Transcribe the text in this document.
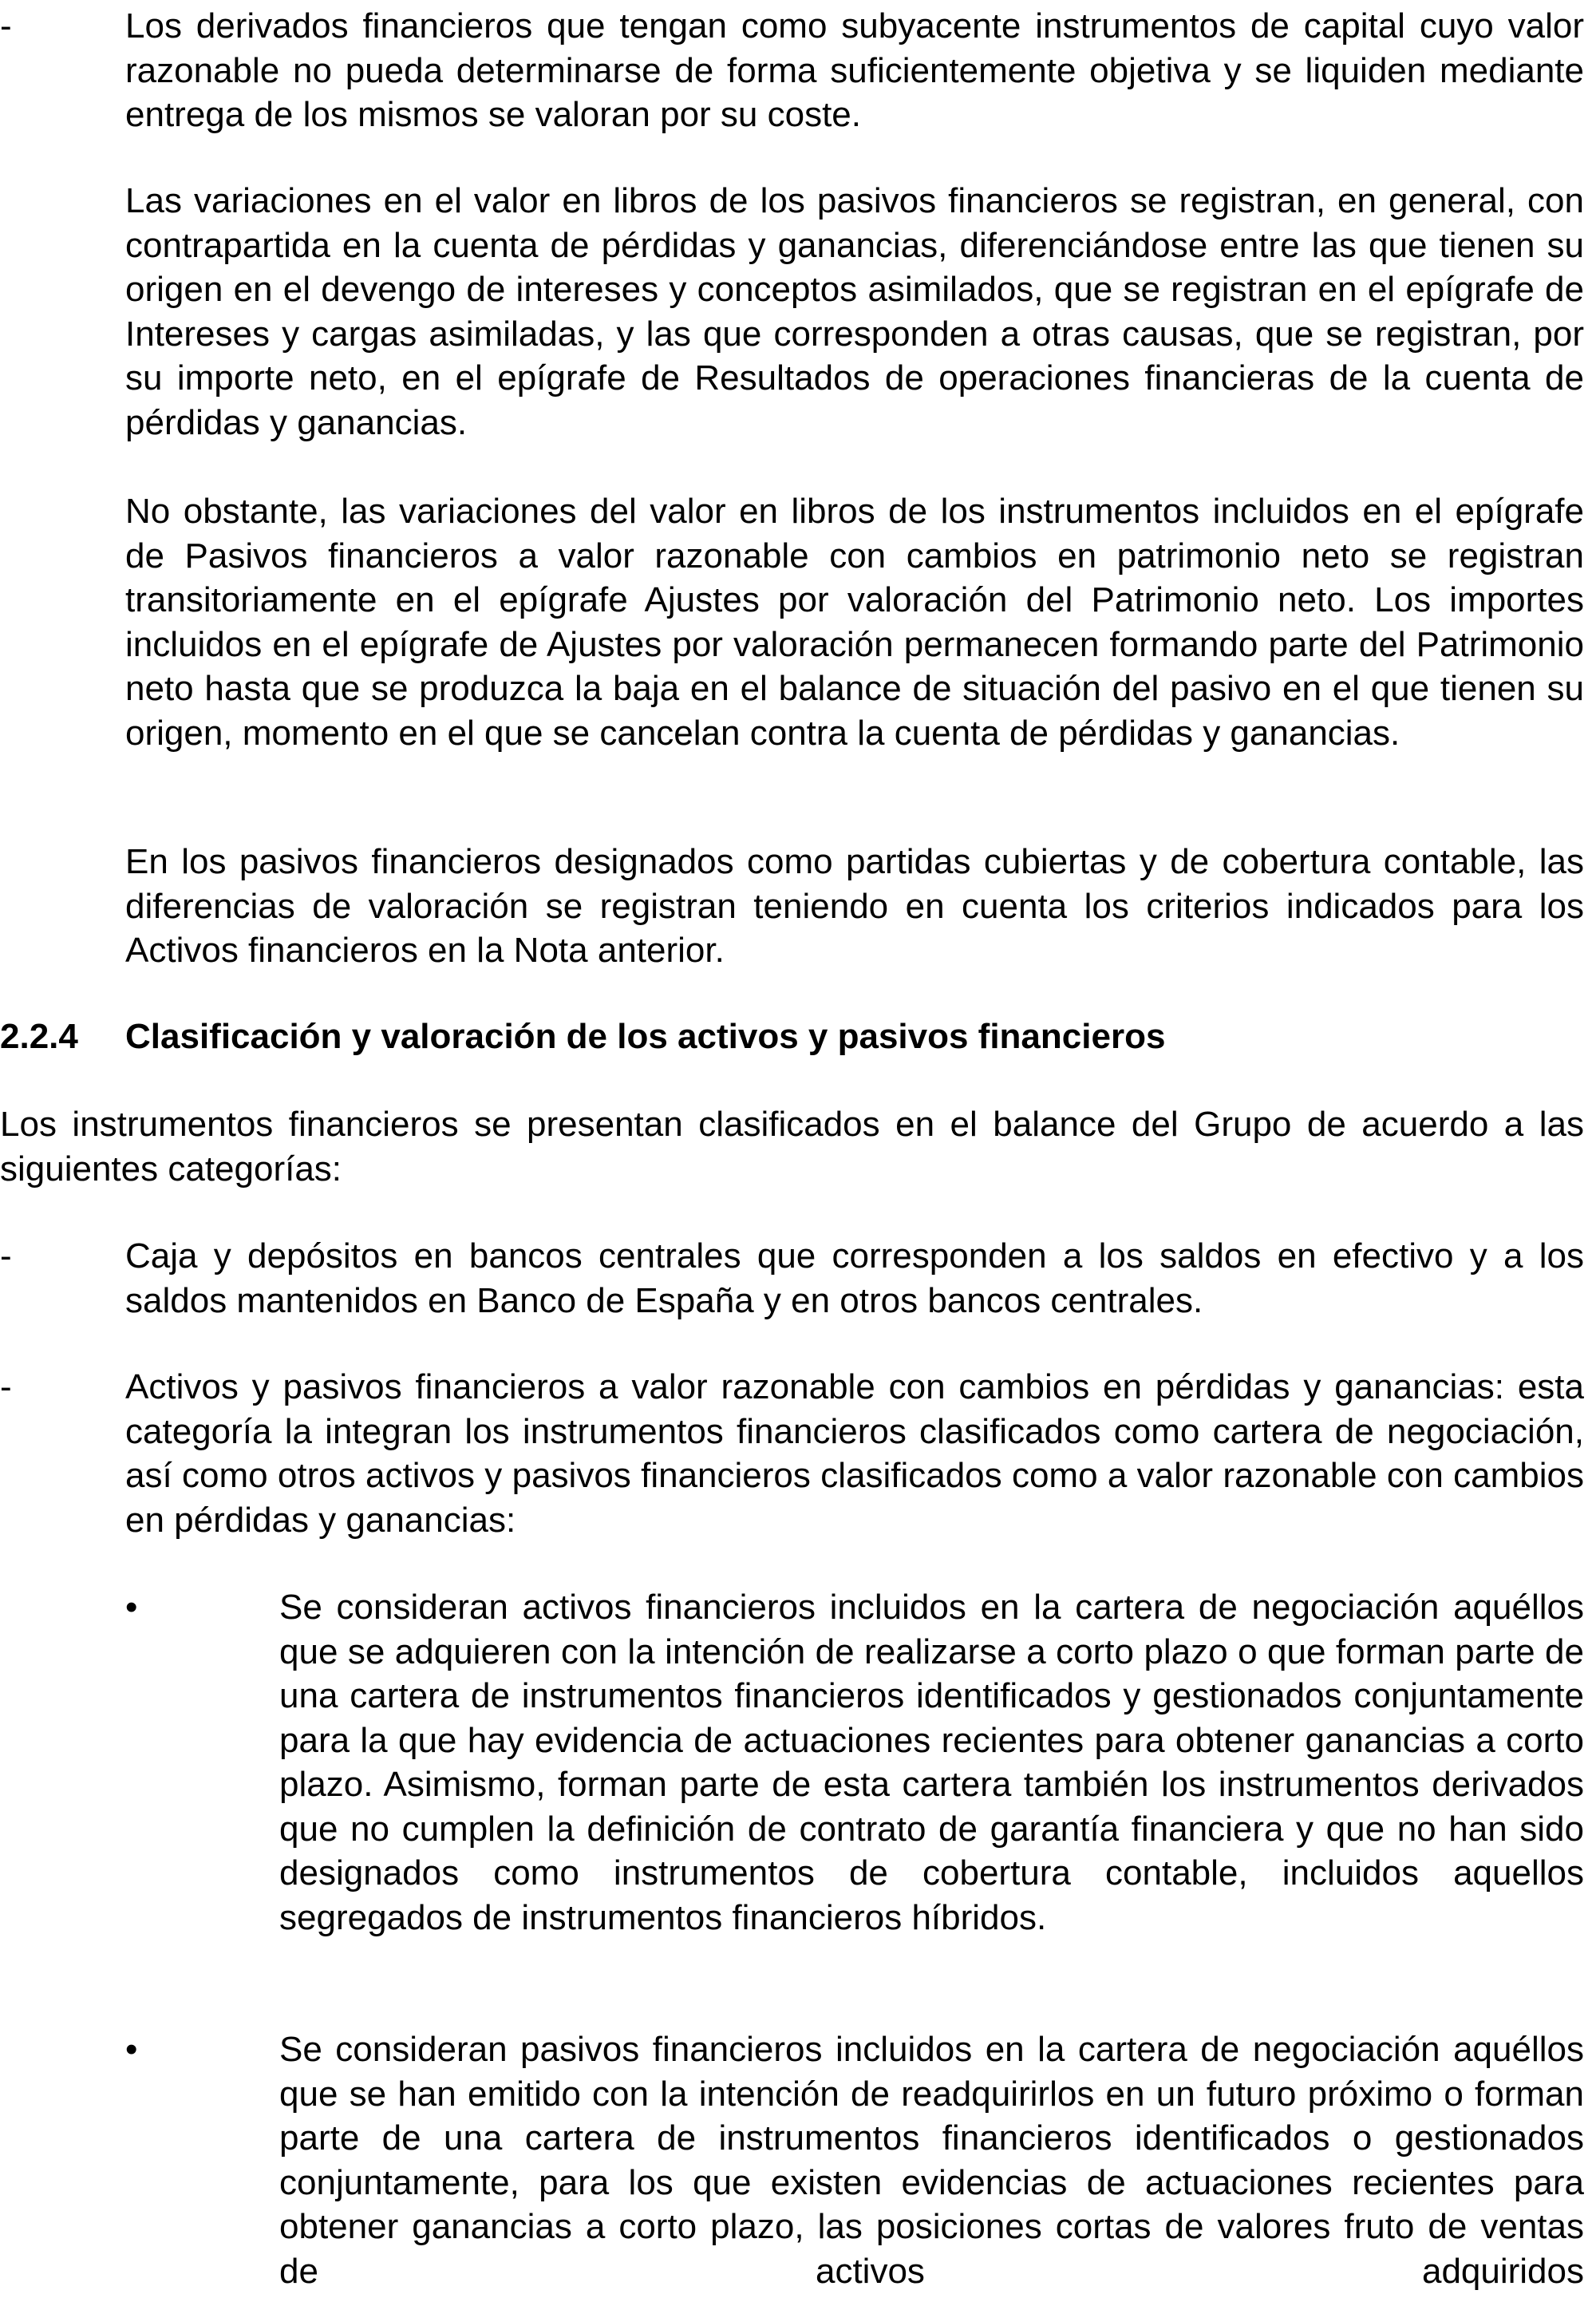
-	Los derivados financieros que tengan como subyacente instrumentos de capital cuyo valor razonable no pueda determinarse de forma suficientemente objetiva y se liquiden mediante entrega de los mismos se valoran por su coste.

Las variaciones en el valor en libros de los pasivos financieros se registran, en general, con contrapartida en la cuenta de pérdidas y ganancias, diferenciándose entre las que tienen su origen en el devengo de intereses y conceptos asimilados, que se registran en el epígrafe de Intereses y cargas asimiladas, y las que corresponden a otras causas, que se registran, por su importe neto, en el epígrafe de Resultados de operaciones financieras de la cuenta de pérdidas y ganancias.

No obstante, las variaciones del valor en libros de los instrumentos incluidos en el epígrafe de Pasivos financieros a valor razonable con cambios en patrimonio neto se registran transitoriamente en el epígrafe Ajustes por valoración del Patrimonio neto. Los importes incluidos en el epígrafe de Ajustes por valoración permanecen formando parte del Patrimonio neto hasta que se produzca la baja en el balance de situación del pasivo en el que tienen su origen, momento en el que se cancelan contra la cuenta de pérdidas y ganancias.

En los pasivos financieros designados como partidas cubiertas y de cobertura contable, las diferencias de valoración se registran teniendo en cuenta los criterios indicados para los Activos financieros en la Nota anterior.

2.2.4 Clasificación y valoración de los activos y pasivos financieros

Los instrumentos financieros se presentan clasificados en el balance del Grupo de acuerdo a las siguientes categorías:

-	Caja y depósitos en bancos centrales que corresponden a los saldos en efectivo y a los saldos mantenidos en Banco de España y en otros bancos centrales.

-	Activos y pasivos financieros a valor razonable con cambios en pérdidas y ganancias: esta categoría la integran los instrumentos financieros clasificados como cartera de negociación, así como otros activos y pasivos financieros clasificados como a valor razonable con cambios en pérdidas y ganancias:

•	Se consideran activos financieros incluidos en la cartera de negociación aquéllos que se adquieren con la intención de realizarse a corto plazo o que forman parte de una cartera de instrumentos financieros identificados y gestionados conjuntamente para la que hay evidencia de actuaciones recientes para obtener ganancias a corto plazo. Asimismo, forman parte de esta cartera también los instrumentos derivados que no cumplen la definición de contrato de garantía financiera y que no han sido designados como instrumentos de cobertura contable, incluidos aquellos segregados de instrumentos financieros híbridos.

•	Se consideran pasivos financieros incluidos en la cartera de negociación aquéllos que se han emitido con la intención de readquirirlos en un futuro próximo o forman parte de una cartera de instrumentos financieros identificados o gestionados conjuntamente, para los que existen evidencias de actuaciones recientes para obtener ganancias a corto plazo, las posiciones cortas de valores fruto de ventas de activos adquiridos
